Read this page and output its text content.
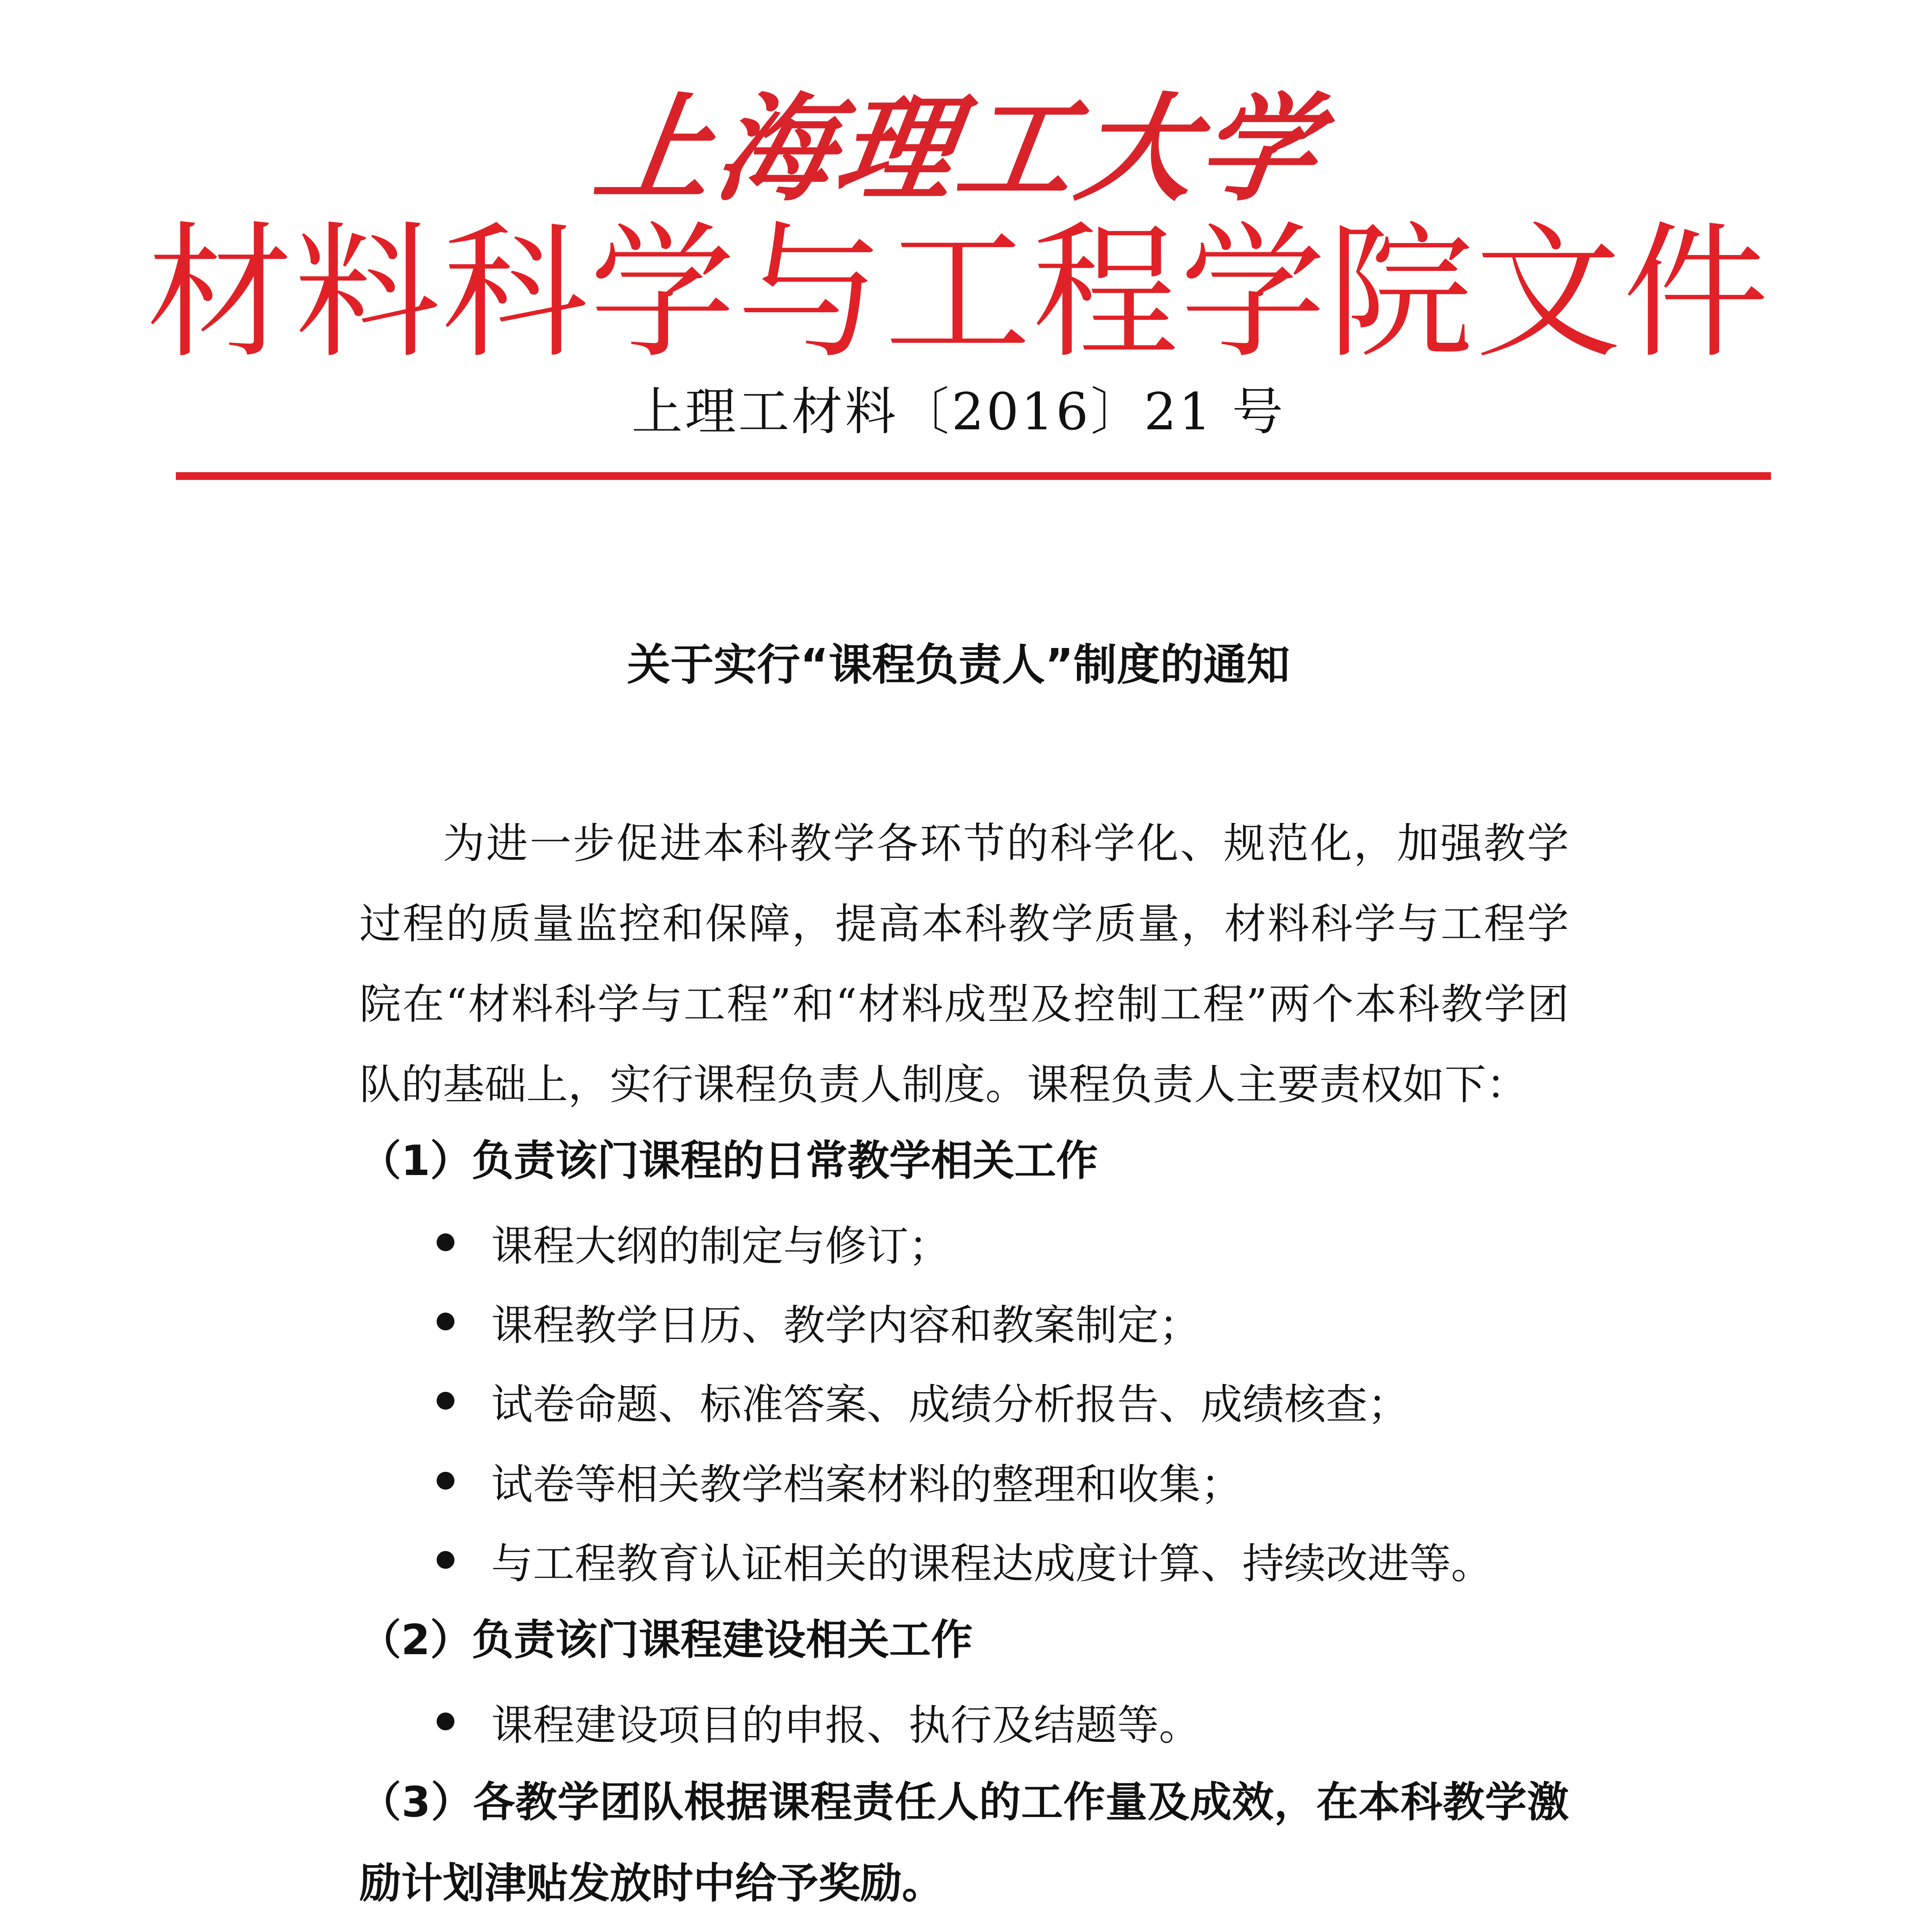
上海理工大学
材料科学与工程学院文件
上理工材料〔2016〕21 号
关于实行“课程负责人”制度的通知
为进一步促进本科教学各环节的科学化、规范化，加强教学过程的质量监控和保障，提高本科教学质量，材料科学与工程学院在“材料科学与工程”和“材料成型及控制工程”两个本科教学团队的基础上，实行课程负责人制度。课程负责人主要责权如下：
（1）负责该门课程的日常教学相关工作
课程大纲的制定与修订；
课程教学日历、教学内容和教案制定；
试卷命题、标准答案、成绩分析报告、成绩核查；
试卷等相关教学档案材料的整理和收集；
与工程教育认证相关的课程达成度计算、持续改进等。
（2）负责该门课程建设相关工作
课程建设项目的申报、执行及结题等。
（3）各教学团队根据课程责任人的工作量及成效，在本科教学激励计划津贴发放时中给予奖励。
